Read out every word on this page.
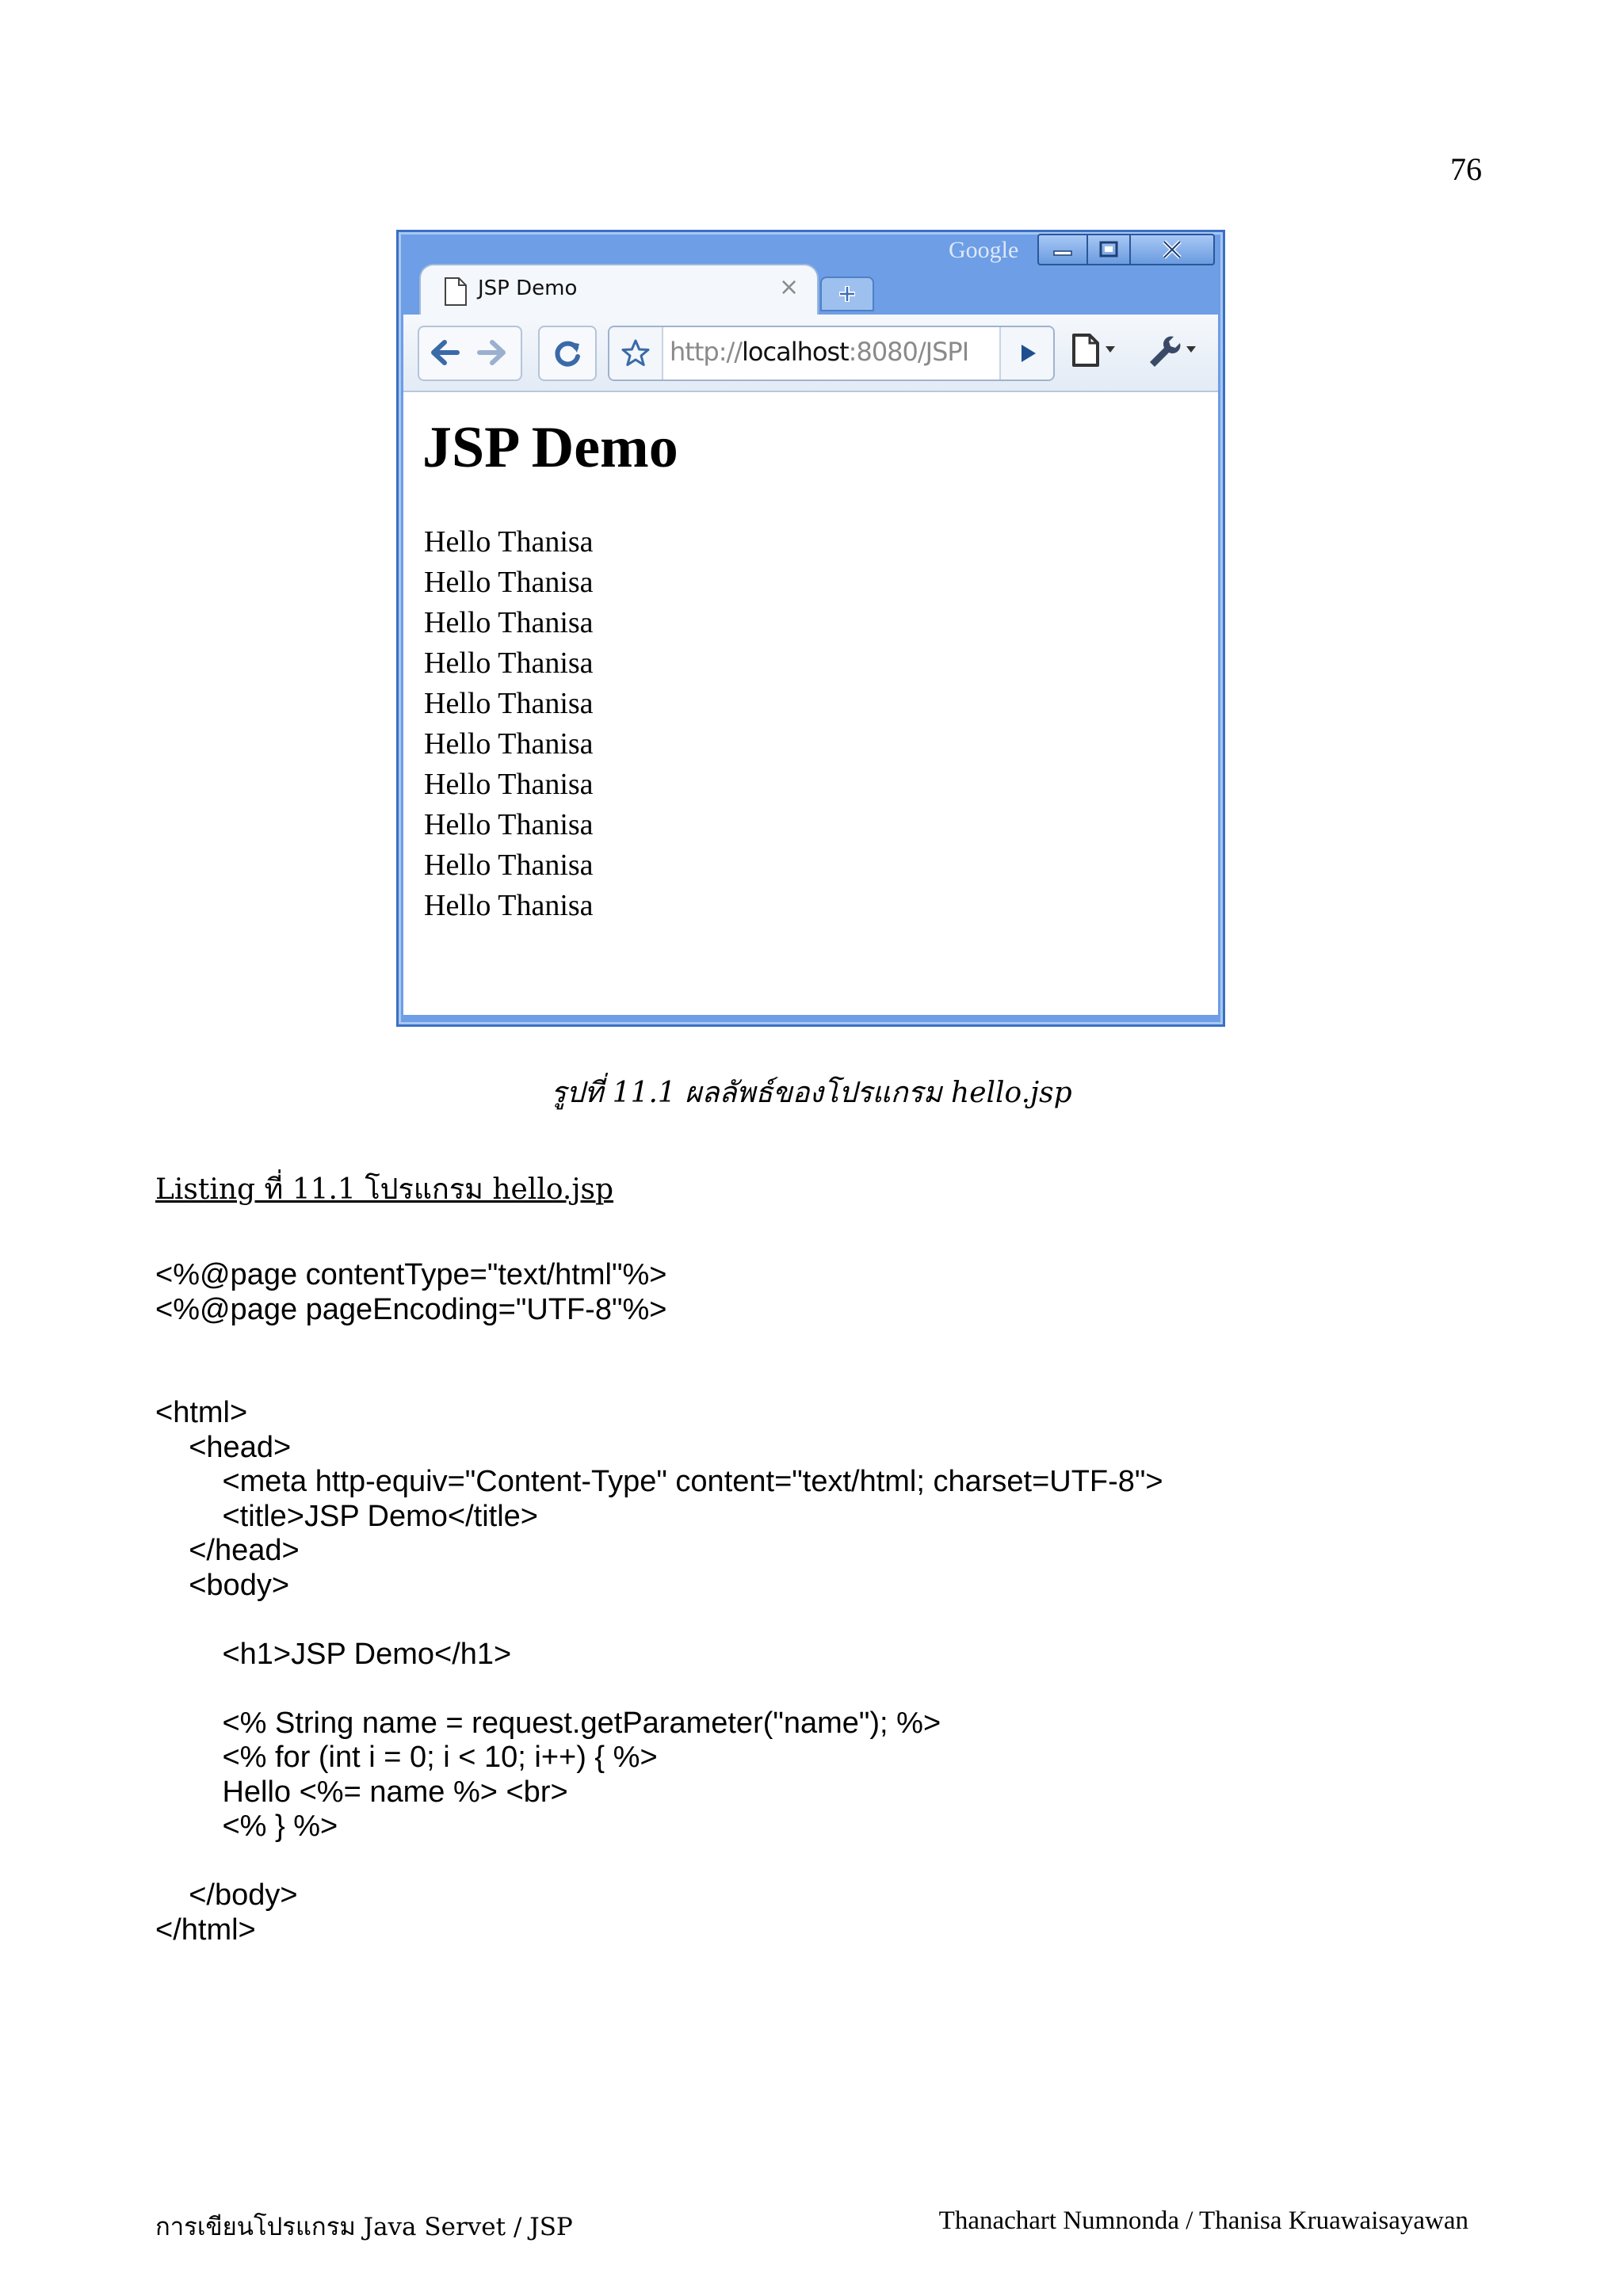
76
Google
JSP Demo	×
http://localhost:8080/JSPI
JSP Demo
Hello Thanisa
Hello Thanisa
Hello Thanisa
Hello Thanisa
Hello Thanisa
Hello Thanisa
Hello Thanisa
Hello Thanisa
Hello Thanisa
Hello Thanisa
รูปที่ 11.1 ผลลัพธ์ของโปรแกรม hello.jsp
Listing ที่ 11.1 โปรแกรม hello.jsp
<%@page contentType="text/html"%>
<%@page pageEncoding="UTF-8"%>
<html>
<head>
<meta http-equiv="Content-Type" content="text/html; charset=UTF-8">
<title>JSP Demo</title>
</head>
<body>
<h1>JSP Demo</h1>
<% String name = request.getParameter("name"); %>
<% for (int i = 0; i < 10; i++) { %>
Hello <%= name %> <br>
<% } %>
</body>
</html>
การเขียนโปรแกรม Java Servet / JSP	Thanachart Numnonda / Thanisa Kruawaisayawan
